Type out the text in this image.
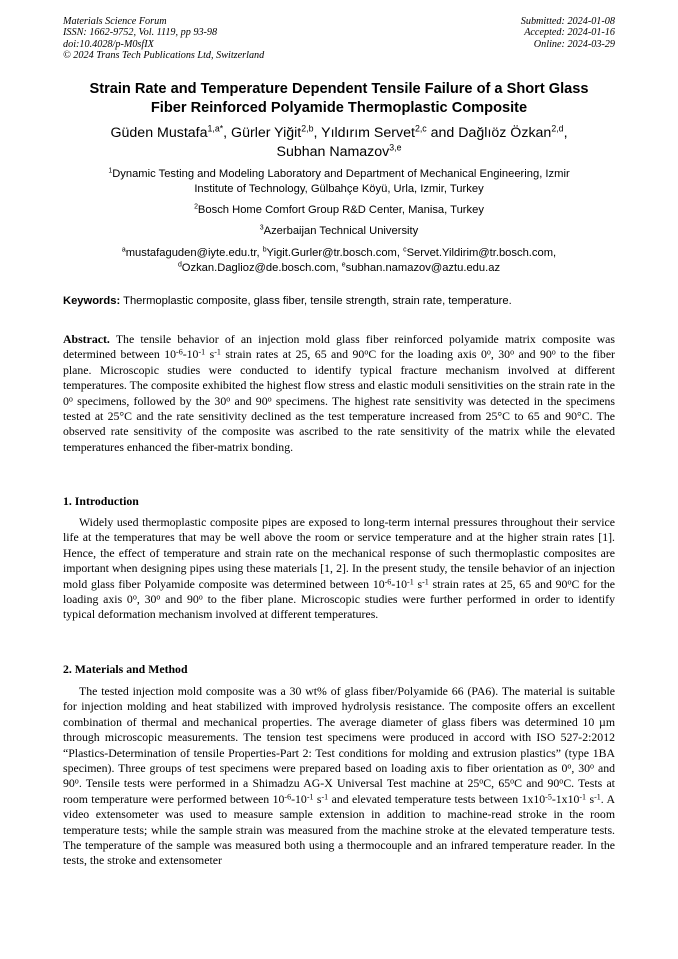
Materials Science Forum
ISSN: 1662-9752, Vol. 1119, pp 93-98
doi:10.4028/p-M0sfIX
© 2024 Trans Tech Publications Ltd, Switzerland
Submitted: 2024-01-08
Accepted: 2024-01-16
Online: 2024-03-29
Strain Rate and Temperature Dependent Tensile Failure of a Short Glass
Fiber Reinforced Polyamide Thermoplastic Composite
Güden Mustafa$^{1,a*}$, Gürler Yiğit$^{2,b}$, Yıldırım Servet$^{2,c}$ and Dağlıöz Özkan$^{2,d}$,
Subhan Namazov$^{3,e}$
$^1$Dynamic Testing and Modeling Laboratory and Department of Mechanical Engineering, Izmir
Institute of Technology, Gülbahçe Köyü, Urla, Izmir, Turkey
$^2$Bosch Home Comfort Group R&D Center, Manisa, Turkey
$^3$Azerbaijan Technical University
$^a$mustafaguden@iyte.edu.tr, $^b$Yigit.Gurler@tr.bosch.com, $^c$Servet.Yildirim@tr.bosch.com,
$^d$Ozkan.Daglioz@de.bosch.com, $^e$subhan.namazov@aztu.edu.az
Keywords: Thermoplastic composite, glass fiber, tensile strength, strain rate, temperature.
Abstract. The tensile behavior of an injection mold glass fiber reinforced polyamide matrix composite was determined between $10^{-6}-10^{-1}$ $s^{-1}$ strain rates at 25, 65 and 90$^o$C for the loading axis 0$^o$, 30$^o$ and 90$^o$ to the fiber plane. Microscopic studies were conducted to identify typical fracture mechanism involved at different temperatures. The composite exhibited the highest flow stress and elastic moduli sensitivities on the strain rate in the 0$^o$ specimens, followed by the 30$^o$ and 90$^o$ specimens. The highest rate sensitivity was detected in the specimens tested at 25°C and the rate sensitivity declined as the test temperature increased from 25°C to 65 and 90°C. The observed rate sensitivity of the composite was ascribed to the rate sensitivity of the matrix while the elevated temperatures enhanced the fiber-matrix bonding.
1. Introduction
Widely used thermoplastic composite pipes are exposed to long-term internal pressures throughout their service life at the temperatures that may be well above the room or service temperature and at the higher strain rates [1]. Hence, the effect of temperature and strain rate on the mechanical response of such thermoplastic composites are important when designing pipes using these materials [1, 2]. In the present study, the tensile behavior of an injection mold glass fiber Polyamide composite was determined between $10^{-6}-10^{-1}$ $s^{-1}$ strain rates at 25, 65 and 90$^o$C for the loading axis 0$^o$, 30$^o$ and 90$^o$ to the fiber plane. Microscopic studies were further performed in order to identify typical deformation mechanism involved at different temperatures.
2. Materials and Method
The tested injection mold composite was a 30 wt% of glass fiber/Polyamide 66 (PA6). The material is suitable for injection molding and heat stabilized with improved hydrolysis resistance. The composite offers an excellent combination of thermal and mechanical properties. The average diameter of glass fibers was determined 10 µm through microscopic measurements. The tension test specimens were produced in accord with ISO 527-2:2012 “Plastics-Determination of tensile Properties-Part 2: Test conditions for molding and extrusion plastics” (type 1BA specimen). Three groups of test specimens were prepared based on loading axis to fiber orientation as 0$^o$, 30$^o$ and 90$^o$. Tensile tests were performed in a Shimadzu AG-X Universal Test machine at 25$^o$C, 65$^o$C and 90$^o$C. Tests at room temperature were performed between $10^{-6}-10^{-1}$ $s^{-1}$ and elevated temperature tests between $1x10^{-5}-1x10^{-1}$ $s^{-1}$. A video extensometer was used to measure sample extension in addition to machine-read stroke in the room temperature tests; while the sample strain was measured from the machine stroke at the elevated temperature tests. The temperature of the sample was measured both using a thermocouple and an infrared temperature reader. In the tests, the stroke and extensometer
